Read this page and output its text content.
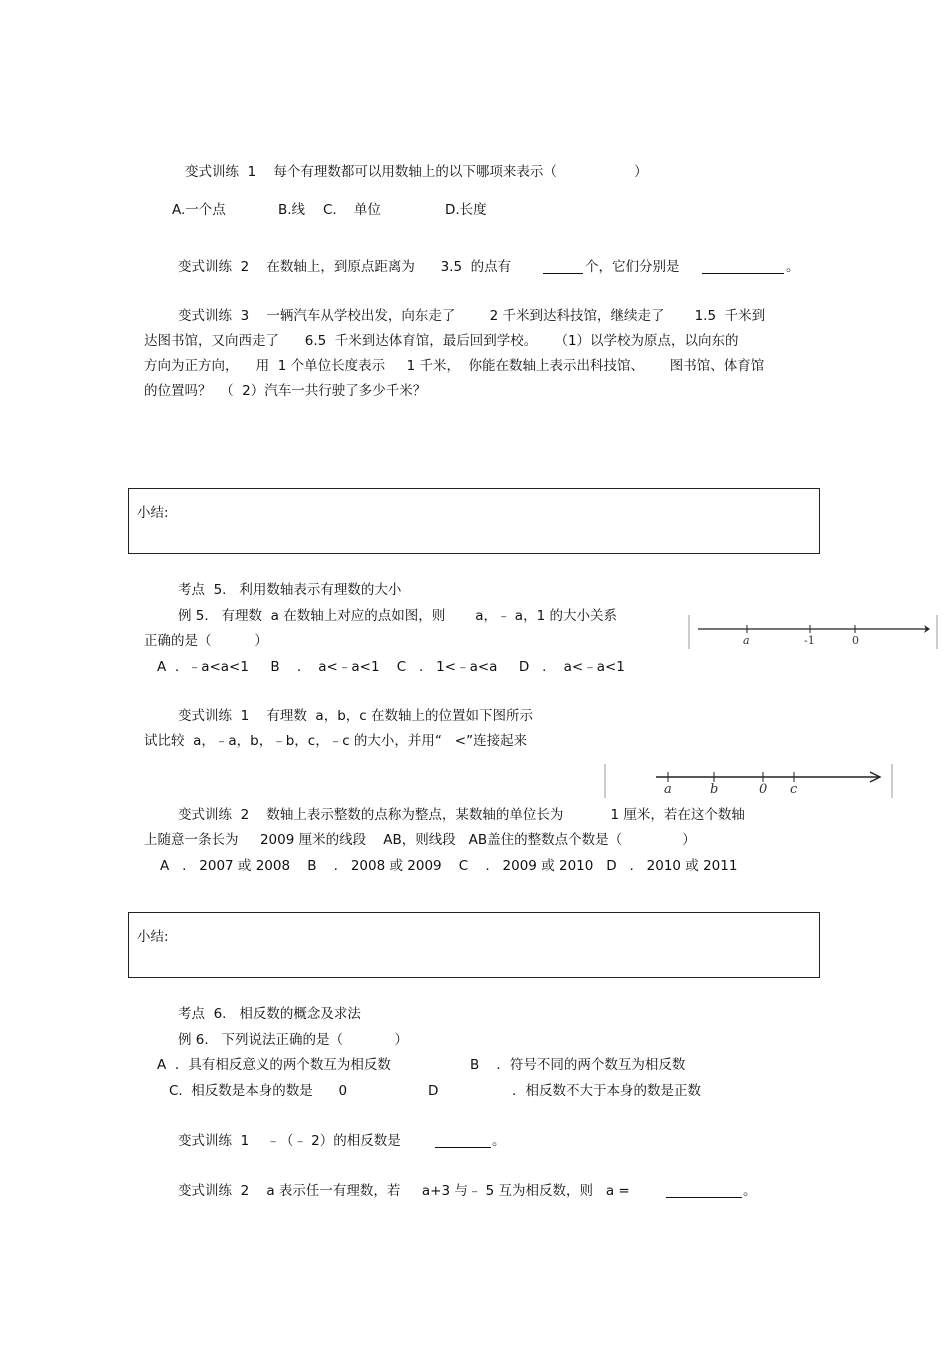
变式训练  1    每个有理数都可以用数轴上的以下哪项来表示（                  ）
A.一个点	B.线 C.    单位	D.长度
变式训练  2    在数轴上，到原点距离为      3.5  的点有	个，它们分别是	。
变式训练  3    一辆汽车从学校出发，向东走了        2 千米到达科技馆，继续走了       1.5  千米到
达图书馆，又向西走了      6.5  千米到达体育馆，最后回到学校。    （1）以学校为原点，以向东的
方向为正方向，    用  1 个单位长度表示     1 千米，  你能在数轴上表示出科技馆、      图书馆、体育馆
的位置吗？  （  2）汽车一共行驶了多少千米？
小结:
考点  5.   利用数轴表示有理数的大小
例 5.   有理数  a 在数轴上对应的点如图，则       a，﹣ a，1 的大小关系
正确的是（          ）
A  .  ﹣a<a<1     B    .    a<﹣a<1    C   .   1<﹣a<a     D   .    a<﹣a<1
a	-1	0
变式训练  1    有理数  a，b，c 在数轴上的位置如下图所示
试比较  a，﹣a，b，﹣b，c，﹣c 的大小，并用“   <”连接起来
a	b	0 c
变式训练  2    数轴上表示整数的点称为整点，某数轴的单位长为           1 厘米，若在这个数轴
上随意一条长为     2009 厘米的线段    AB，则线段   AB盖住的整数点个数是（              ）
A   .   2007 或 2008    B    .   2008 或 2009    C    .   2009 或 2010   D   .   2010 或 2011
小结:
考点  6.   相反数的概念及求法
例 6.   下列说法正确的是（            ）
A  ．具有相反意义的两个数互为相反数	B    ．符号不同的两个数互为相反数
C.  相反数是本身的数是      0	D	．相反数不大于本身的数是正数
变式训练  1    ﹣（﹣ 2）的相反数是	。
变式训练  2    a 表示任一有理数，若     a+3 与﹣ 5 互为相反数，则   a =	。
